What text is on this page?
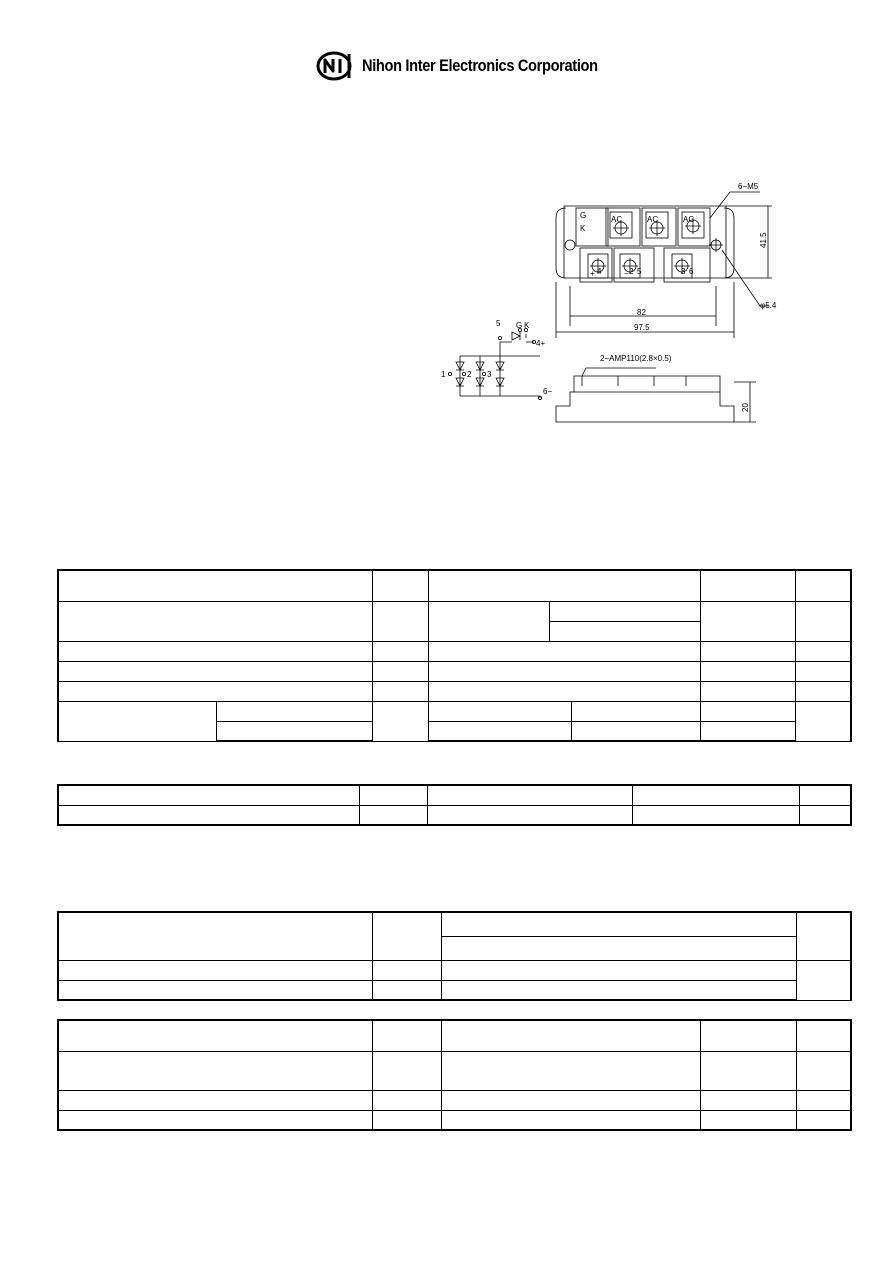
Nihon Inter Electronics Corporation
G
K
AC	AC	AC
2	3
+	−
4	5	6
6−M5
φ5.4
41.5
82
97.5
20
2−AMP110(2.8×0.5)
5 G K
4+
1	2 3
6−
